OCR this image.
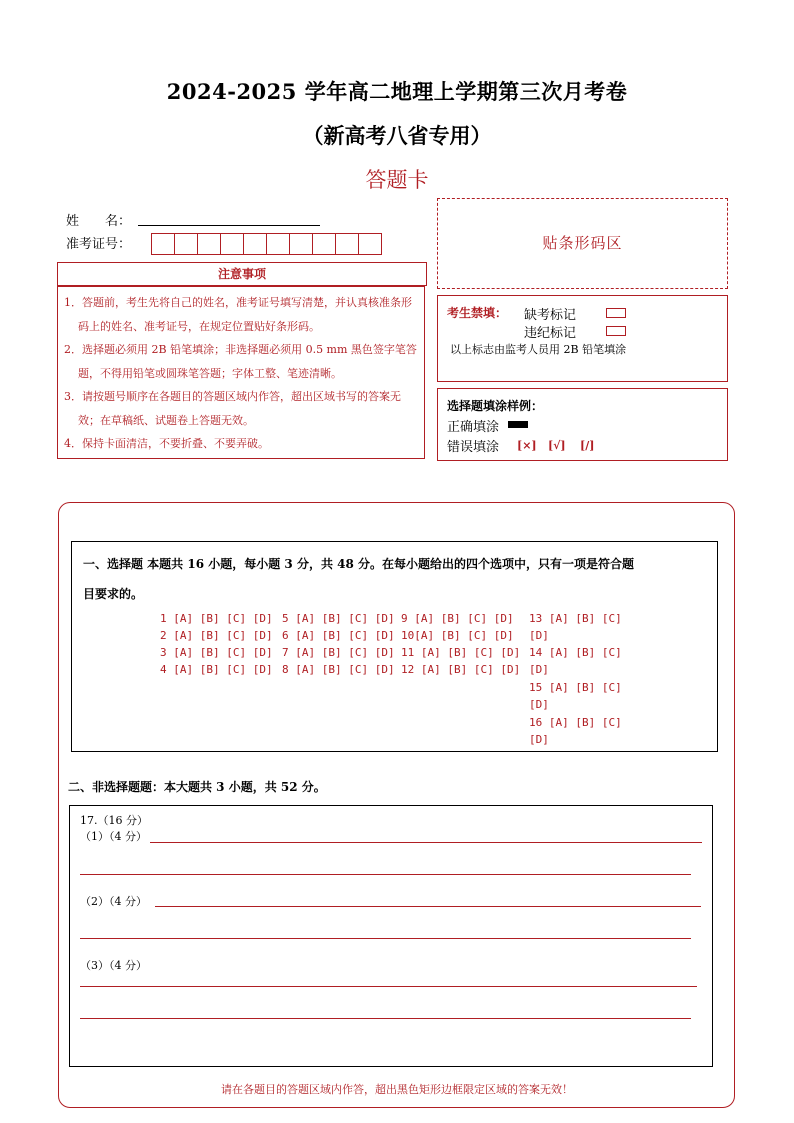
2024-2025 学年高二地理上学期第三次月考卷
（新高考八省专用）
答题卡
姓　　名：
准考证号：
注意事项

1．答题前，考生先将自己的姓名，准考证号填写清楚，并认真核准条形码上的姓名、准考证号，在规定位置贴好条形码。

2．选择题必须用 2B 铅笔填涂；非选择题必须用 0.5 mm 黑色签字笔答题，不得用铅笔或圆珠笔答题；字体工整、笔迹清晰。

3．请按题号顺序在各题目的答题区域内作答，超出区域书写的答案无效；在草稿纸、试题卷上答题无效。

4．保持卡面清洁，不要折叠、不要弄破。

贴条形码区
考生禁填： 缺考标记
违纪标记
以上标志由监考人员用 2B 铅笔填涂
选择题填涂样例：
正确填涂
错误填涂 [×] [√] [/]
一、选择题 本题共 16 小题，每小题 3 分，共 48 分。在每小题给出的四个选项中，只有一项是符合题
目要求的。
1 [A] [B] [C] [D]
2 [A] [B] [C] [D]
3 [A] [B] [C] [D]
4 [A] [B] [C] [D]
5 [A] [B] [C] [D]
6 [A] [B] [C] [D]
7 [A] [B] [C] [D]
8 [A] [B] [C] [D]
9 [A] [B] [C] [D]
10[A] [B] [C] [D]
11 [A] [B] [C] [D]
12 [A] [B] [C] [D]
13 [A] [B] [C]
[D]
14 [A] [B] [C]
[D]
15 [A] [B] [C]
[D]
16 [A] [B] [C]
[D]
二、非选择题题：本大题共 3 小题，共 52 分。
17.（16 分）
（1）（4 分）
（2）（4 分）
（3）（4 分）
请在各题目的答题区域内作答，超出黑色矩形边框限定区域的答案无效！
